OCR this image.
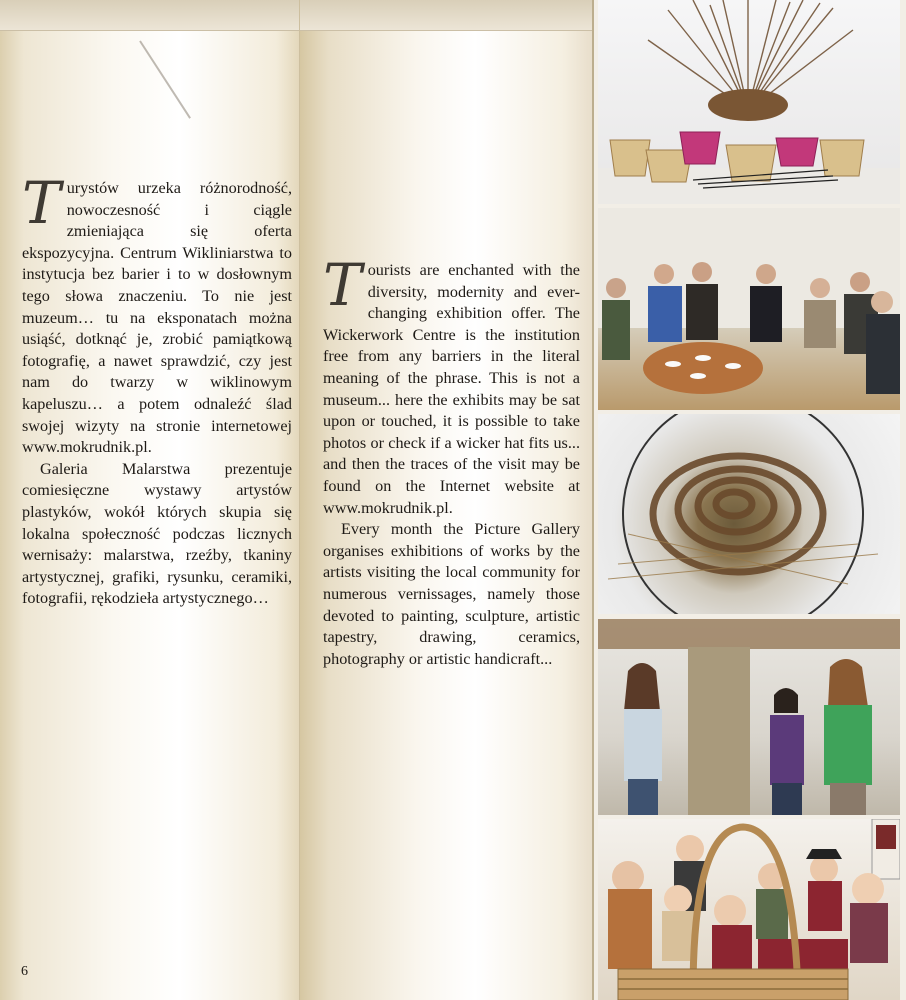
Turystów urzeka różnorodność, nowoczesność i ciągle zmieniająca się oferta ekspozycyjna. Centrum Wikliniarstwa to instytucja bez barier i to w dosłownym tego słowa znaczeniu. To nie jest muzeum… tu na eksponatach można usiąść, dotknąć je, zrobić pamiątkową fotografię, a nawet sprawdzić, czy jest nam do twarzy w wiklinowym kapeluszu… a potem odnaleźć ślad swojej wizyty na stronie internetowej www.mokrudnik.pl.

Galeria Malarstwa prezentuje comiesięczne wystawy artystów plastyków, wokół których skupia się lokalna społeczność podczas licznych wernisaży: malarstwa, rzeźby, tkaniny artystycznej, grafiki, rysunku, ceramiki, fotografii, rękodzieła artystycznego…

6

Tourists are enchanted with the diversity, modernity and ever-changing exhibition offer. The Wickerwork Centre is the institution free from any barriers in the literal meaning of the phrase. This is not a museum... here the exhibits may be sat upon or touched, it is possible to take photos or check if a wicker hat fits us... and then the traces of the visit may be found on the Internet website at www.mokrudnik.pl.

Every month the Picture Gallery organises exhibitions of works by the artists visiting the local community for numerous vernissages, namely those devoted to painting, sculpture, artistic tapestry, drawing, ceramics, photography or artistic handicraft...
